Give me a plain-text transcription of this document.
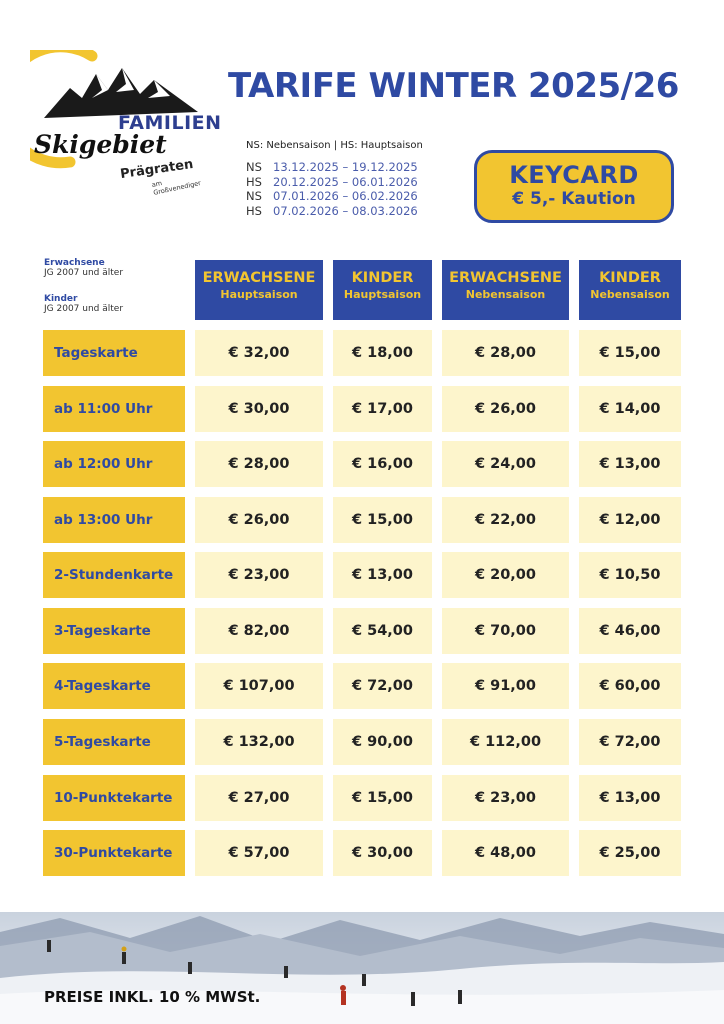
FAMILIEN
Skigebiet
Prägraten
am Großvenediger
TARIFE WINTER 2025/26
NS: Nebensaison | HS: Hauptsaison
NS 13.12.2025 – 19.12.2025
HS 20.12.2025 – 06.01.2026
NS 07.01.2026 – 06.02.2026
HS 07.02.2026 – 08.03.2026
KEYCARD
€ 5,- Kaution
Erwachsene
JG 2007 und älter
Kinder
JG 2007 und älter
ERWACHSENE
Hauptsaison
KINDER
Hauptsaison
ERWACHSENE
Nebensaison
KINDER
Nebensaison
Tageskarte	€ 32,00	€ 18,00	€ 28,00	€ 15,00
ab 11:00 Uhr	€ 30,00	€ 17,00	€ 26,00	€ 14,00
ab 12:00 Uhr	€ 28,00	€ 16,00	€ 24,00	€ 13,00
ab 13:00 Uhr	€ 26,00	€ 15,00	€ 22,00	€ 12,00
2-Stundenkarte	€ 23,00	€ 13,00	€ 20,00	€ 10,50
3-Tageskarte	€ 82,00	€ 54,00	€ 70,00	€ 46,00
4-Tageskarte	€ 107,00	€ 72,00	€ 91,00	€ 60,00
5-Tageskarte	€ 132,00	€ 90,00	€ 112,00	€ 72,00
10-Punktekarte	€ 27,00	€ 15,00	€ 23,00	€ 13,00
30-Punktekarte	€ 57,00	€ 30,00	€ 48,00	€ 25,00
PREISE INKL. 10 % MWSt.
